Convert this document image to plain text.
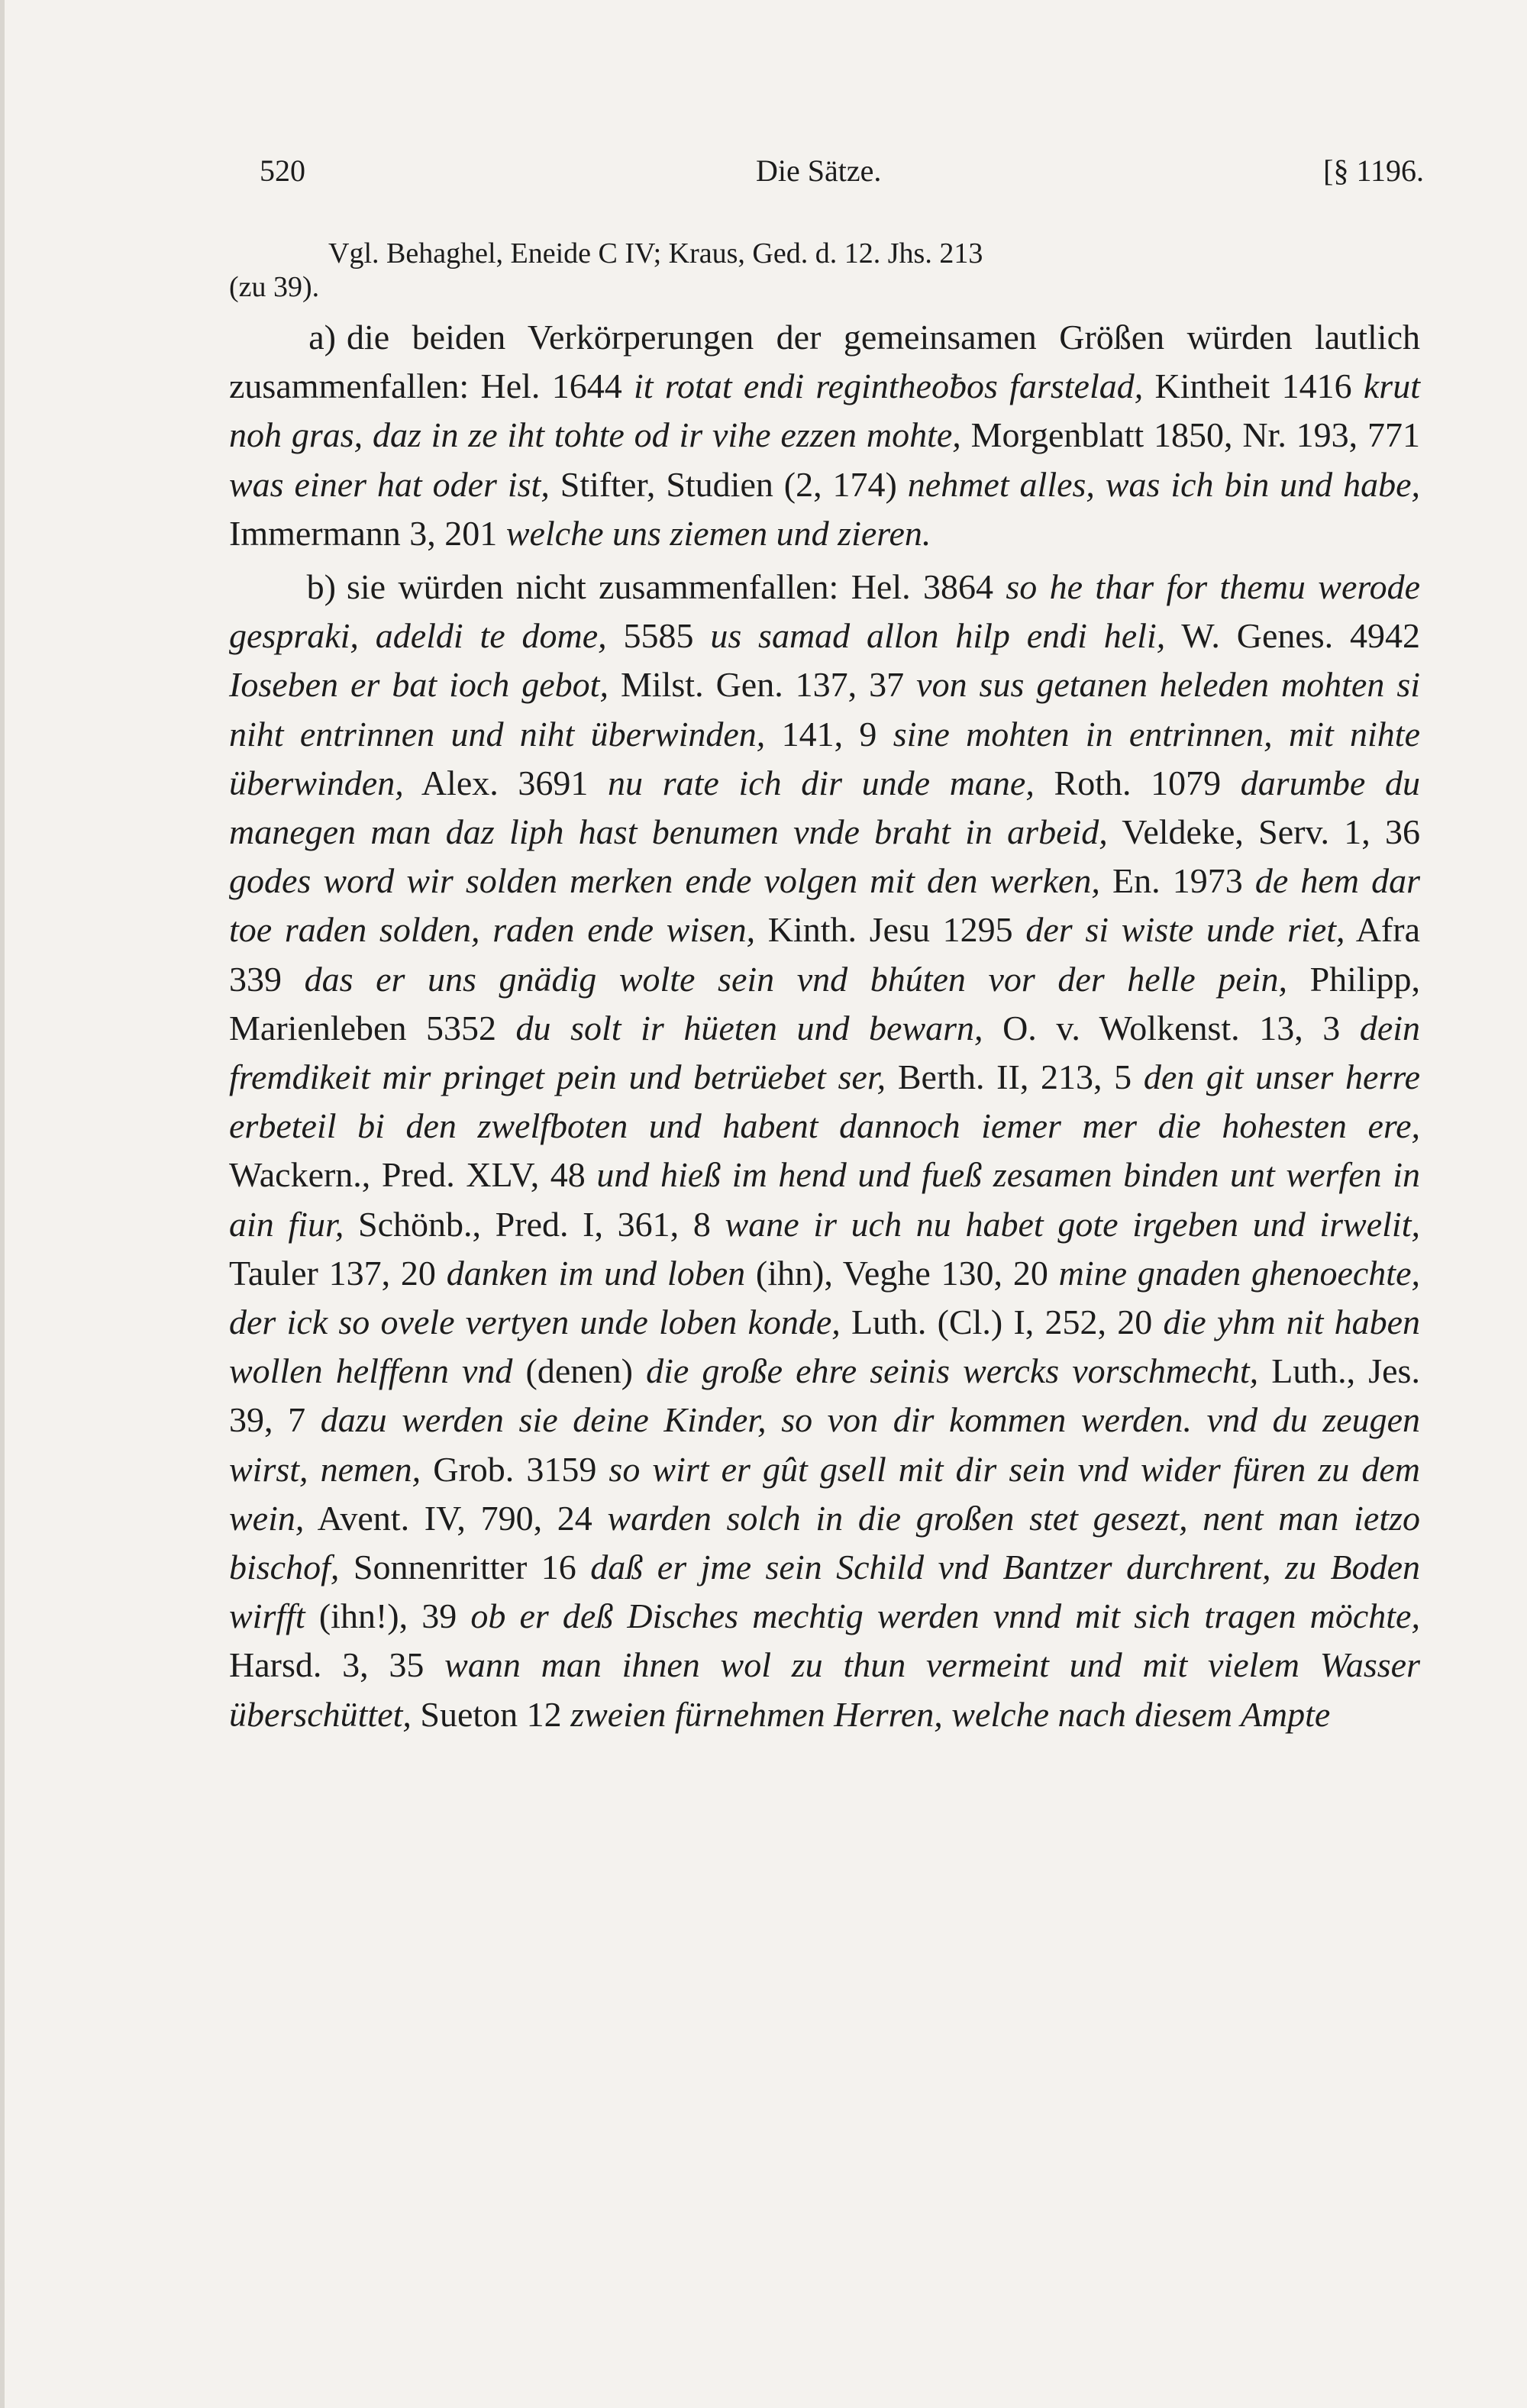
520	Die Sätze.	[§ 1196.

Vgl. Behaghel, Eneide C IV; Kraus, Ged. d. 12. Jhs. 213
(zu 39).

a) die beiden Verkörperungen der gemeinsamen Größen würden lautlich zusammenfallen: Hel. 1644 it rotat endi regintheoƀos farstelad, Kintheit 1416 krut noh gras, daz in ze iht tohte od ir vihe ezzen mohte, Morgenblatt 1850, Nr. 193, 771 was einer hat oder ist, Stifter, Studien (2, 174) nehmet alles, was ich bin und habe, Immermann 3, 201 welche uns ziemen und zieren.

b) sie würden nicht zusammenfallen: Hel. 3864 so he thar for themu werode gespraki, adeldi te dome, 5585 us samad allon hilp endi heli, W. Genes. 4942 Ioseben er bat ioch gebot, Milst. Gen. 137, 37 von sus getanen heleden mohten si niht entrinnen und niht überwinden, 141, 9 sine mohten in entrinnen, mit nihte überwinden, Alex. 3691 nu rate ich dir unde mane, Roth. 1079 darumbe du manegen man daz liph hast benumen vnde braht in arbeid, Veldeke, Serv. 1, 36 godes word wir solden merken ende volgen mit den werken, En. 1973 de hem dar toe raden solden, raden ende wisen, Kinth. Jesu 1295 der si wiste unde riet, Afra 339 das er uns gnädig wolte sein vnd bhúten vor der helle pein, Philipp, Marienleben 5352 du solt ir hüeten und bewarn, O. v. Wolkenst. 13, 3 dein fremdikeit mir pringet pein und betrüebet ser, Berth. II, 213, 5 den git unser herre erbeteil bi den zwelfboten und habent dannoch iemer mer die hohesten ere, Wackern., Pred. XLV, 48 und hieß im hend und fueß zesamen binden unt werfen in ain fiur, Schönb., Pred. I, 361, 8 wane ir uch nu habet gote irgeben und irwelit, Tauler 137, 20 danken im und loben (ihn), Veghe 130, 20 mine gnaden ghenoechte, der ick so ovele vertyen unde loben konde, Luth. (Cl.) I, 252, 20 die yhm nit haben wollen helffenn vnd (denen) die große ehre seinis wercks vorschmecht, Luth., Jes. 39, 7 dazu werden sie deine Kinder, so von dir kommen werden. vnd du zeugen wirst, nemen, Grob. 3159 so wirt er gût gsell mit dir sein vnd wider füren zu dem wein, Avent. IV, 790, 24 warden solch in die großen stet gesezt, nent man ietzo bischof, Sonnenritter 16 daß er jme sein Schild vnd Bantzer durchrent, zu Boden wirfft (ihn!), 39 ob er deß Disches mechtig werden vnnd mit sich tragen möchte, Harsd. 3, 35 wann man ihnen wol zu thun vermeint und mit vielem Wasser überschüttet, Sueton 12 zweien fürnehmen Herren, welche nach diesem Ampte
